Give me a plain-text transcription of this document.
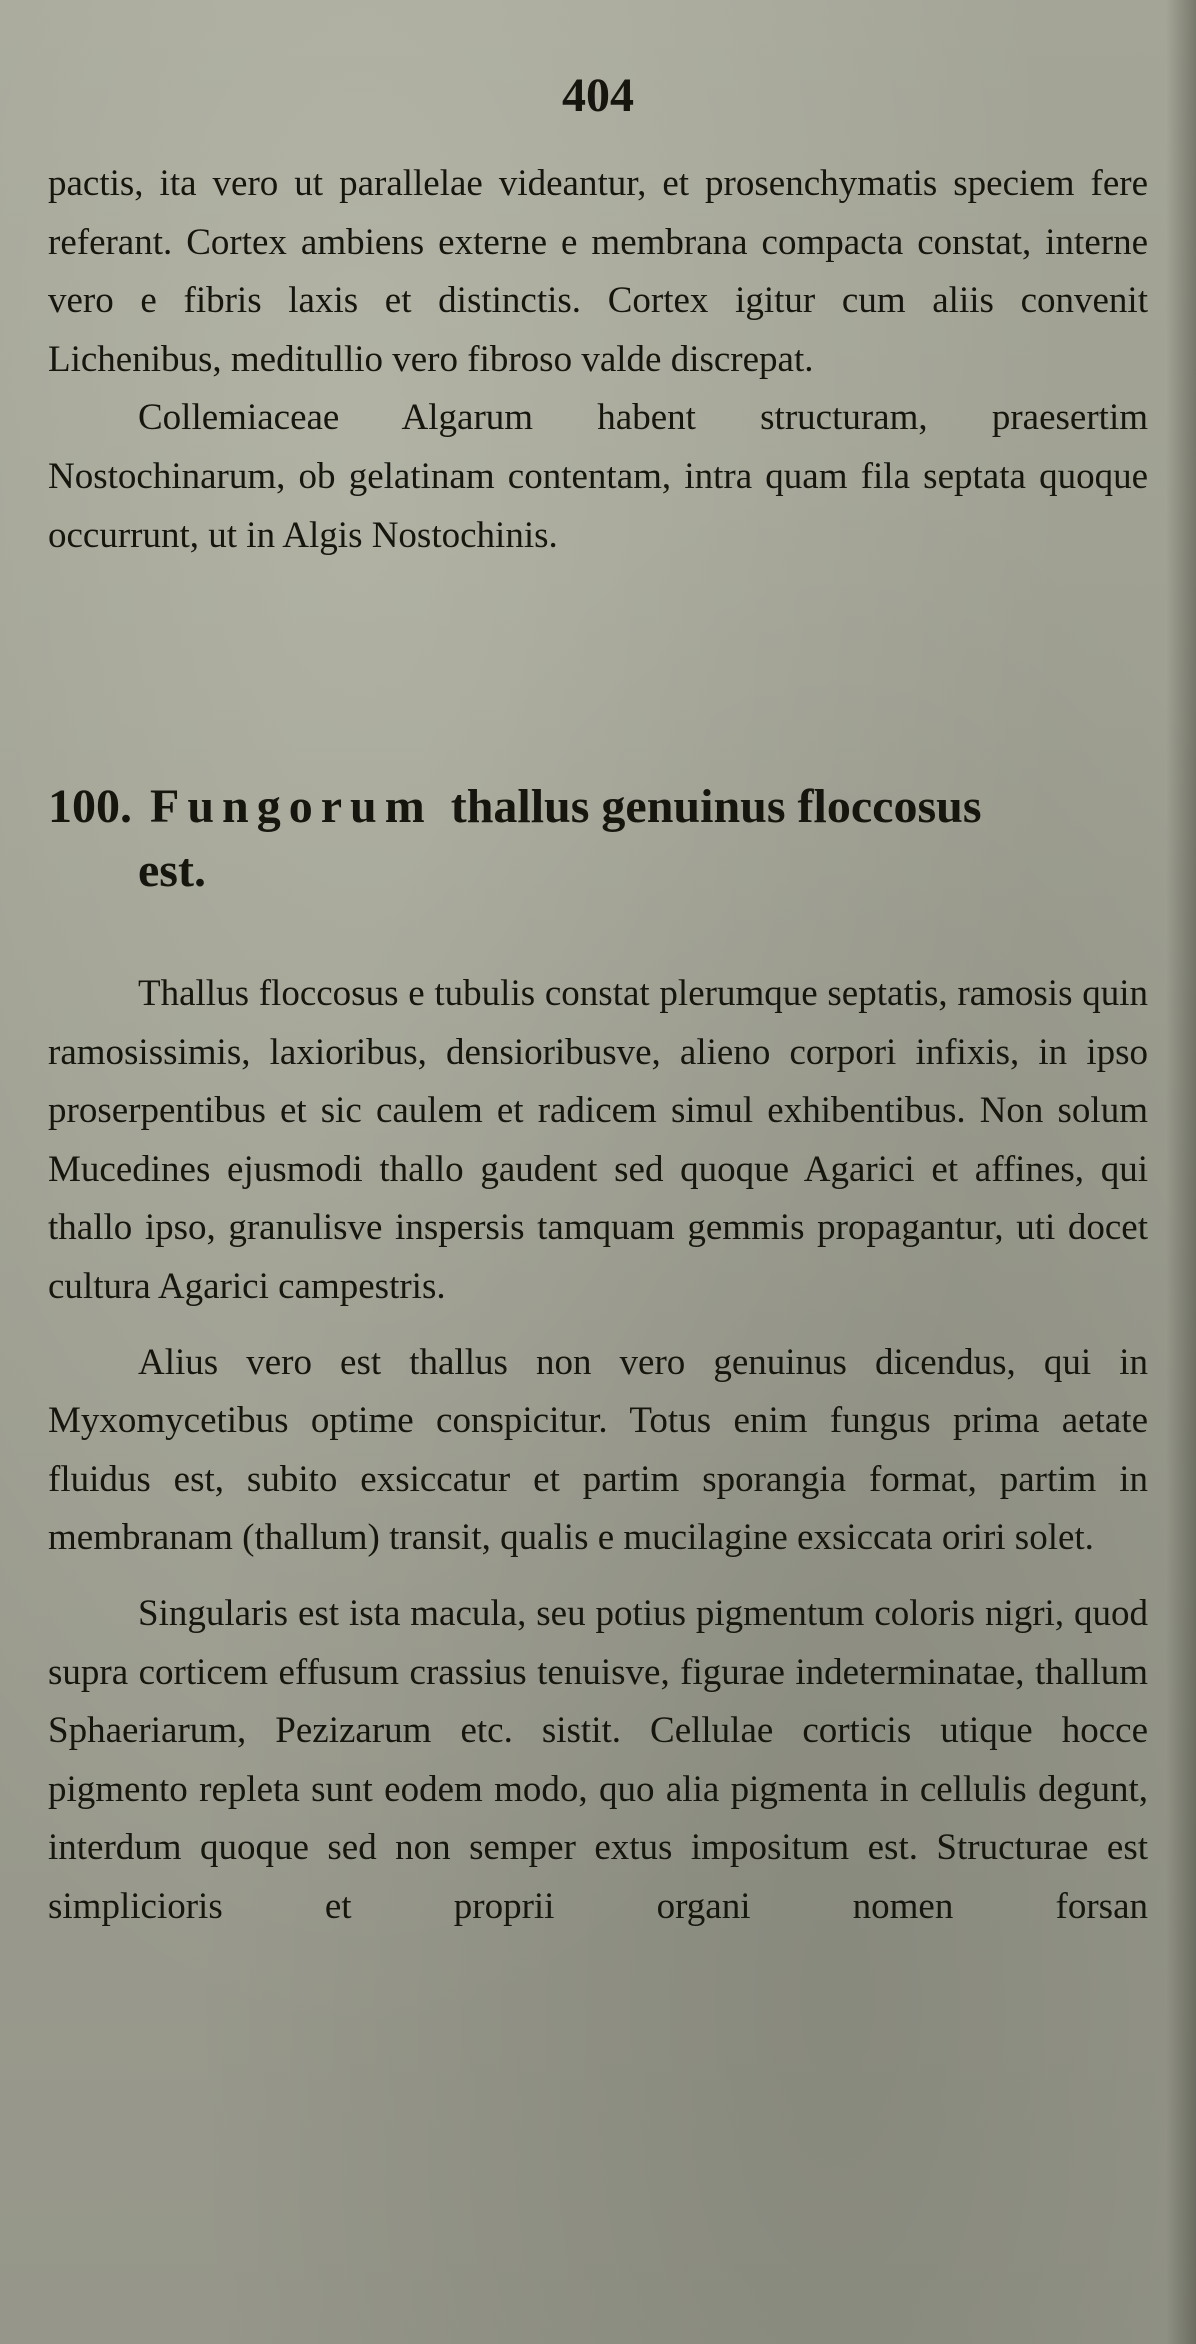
404

pactis, ita vero ut parallelae videantur, et prosenchymatis speciem fere referant. Cortex ambiens externe e membrana compacta constat, interne vero e fibris laxis et distinctis. Cortex igitur cum aliis convenit Lichenibus, meditullio vero fibroso valde discrepat.

Collemiaceae Algarum habent structuram, praesertim Nostochinarum, ob gelatinam contentam, intra quam fila septata quoque occurrunt, ut in Algis Nostochinis.

100. Fungorum thallus genuinus floccosus
est.

Thallus floccosus e tubulis constat plerumque septatis, ramosis quin ramosissimis, laxioribus, densioribusve, alieno corpori infixis, in ipso proserpentibus et sic caulem et radicem simul exhibentibus. Non solum Mucedines ejusmodi thallo gaudent sed quoque Agarici et affines, qui thallo ipso, granulisve inspersis tamquam gemmis propagantur, uti docet cultura Agarici campestris.

Alius vero est thallus non vero genuinus dicendus, qui in Myxomycetibus optime conspicitur. Totus enim fungus prima aetate fluidus est, subito exsiccatur et partim sporangia format, partim in membranam (thallum) transit, qualis e mucilagine exsiccata oriri solet.

Singularis est ista macula, seu potius pigmentum coloris nigri, quod supra corticem effusum crassius tenuisve, figurae indeterminatae, thallum Sphaeriarum, Pezizarum etc. sistit. Cellulae corticis utique hocce pigmento repleta sunt eodem modo, quo alia pigmenta in cellulis degunt, interdum quoque sed non semper extus impositum est. Structurae est simplicioris et proprii organi nomen forsan
